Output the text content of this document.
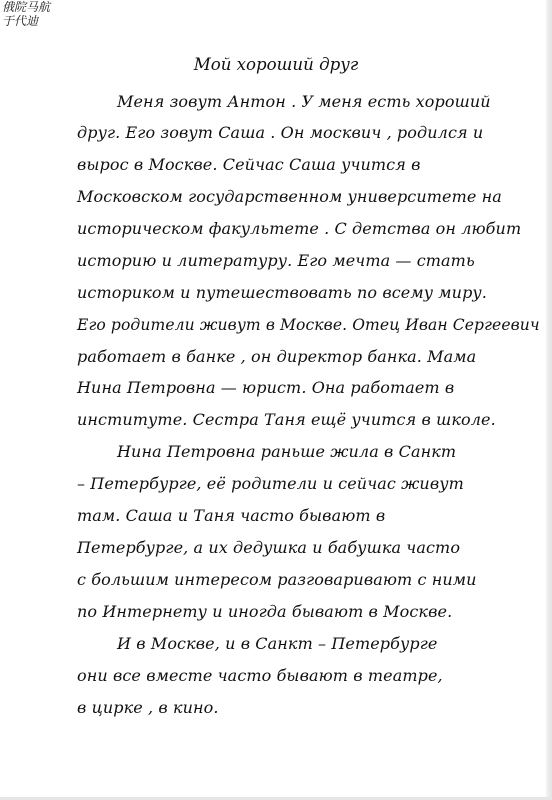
俄院马航
于代迪
Мой хороший друг
Меня зовут Антон . У меня есть хороший
друг. Его зовут Саша . Он москвич , родился и
вырос в Москве. Сейчас Саша учится в
Московском государственном университете на
историческом факультете . С детства он любит
историю и литературу. Его мечта — стать
историком и путешествовать по всему миру.
Его родители живут в Москве. Отец Иван Сергеевич
работает в банке , он директор банка. Мама
Нина Петровна — юрист. Она работает в
институте. Сестра Таня ещё учится в школе.
Нина Петровна раньше жила в Санкт
– Петербурге, её родители и сейчас живут
там. Саша и Таня часто бывают в
Петербурге, а их дедушка и бабушка часто
с большим интересом разговаривают с ними
по Интернету и иногда бывают в Москве.
И в Москве, и в Санкт – Петербурге
они все вместе часто бывают в театре,
в цирке , в кино.
